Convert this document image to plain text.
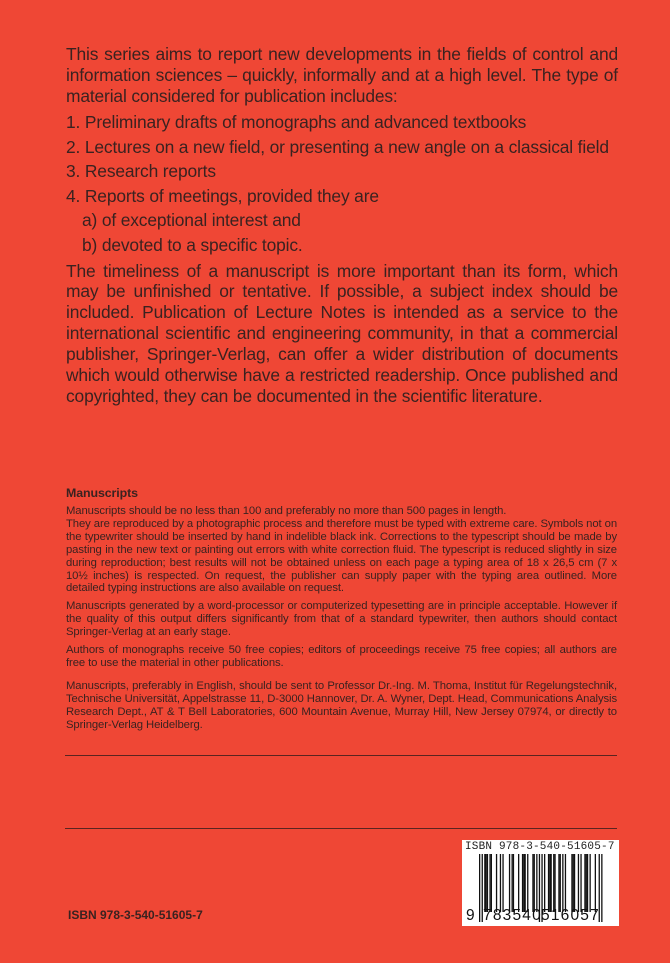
This series aims to report new developments in the fields of control and information sciences – quickly, informally and at a high level. The type of material considered for publication includes:

1. Preliminary drafts of monographs and advanced textbooks
2. Lectures on a new field, or presenting a new angle on a classical field
3. Research reports
4. Reports of meetings, provided they are
a) of exceptional interest and
b) devoted to a specific topic.

The timeliness of a manuscript is more important than its form, which may be unfinished or tentative. If possible, a subject index should be included. Publication of Lecture Notes is intended as a service to the international scientific and engineering community, in that a commercial publisher, Springer-Verlag, can offer a wider distribution of documents which would otherwise have a restricted readership. Once published and copyrighted, they can be documented in the scientific literature.

Manuscripts

Manuscripts should be no less than 100 and preferably no more than 500 pages in length.

They are reproduced by a photographic process and therefore must be typed with extreme care. Symbols not on the typewriter should be inserted by hand in indelible black ink. Corrections to the typescript should be made by pasting in the new text or painting out errors with white correction fluid. The typescript is reduced slightly in size during reproduction; best results will not be obtained unless on each page a typing area of 18 x 26,5 cm (7 x 10½ inches) is respected. On request, the publisher can supply paper with the typing area outlined. More detailed typing instructions are also available on request.

Manuscripts generated by a word-processor or computerized typesetting are in principle acceptable. However if the quality of this output differs significantly from that of a standard typewriter, then authors should contact Springer-Verlag at an early stage.

Authors of monographs receive 50 free copies; editors of proceedings receive 75 free copies; all authors are free to use the material in other publications.

Manuscripts, preferably in English, should be sent to Professor Dr.-Ing. M. Thoma, Institut für Regelungstechnik, Technische Universität, Appelstrasse 11, D-3000 Hannover, Dr. A. Wyner, Dept. Head, Communications Analysis Research Dept., AT & T Bell Laboratories, 600 Mountain Avenue, Murray Hill, New Jersey 07974, or directly to Springer-Verlag Heidelberg.

ISBN 978-3-540-51605-7
ISBN 978-3-540-51605-7
9 783540 516057
